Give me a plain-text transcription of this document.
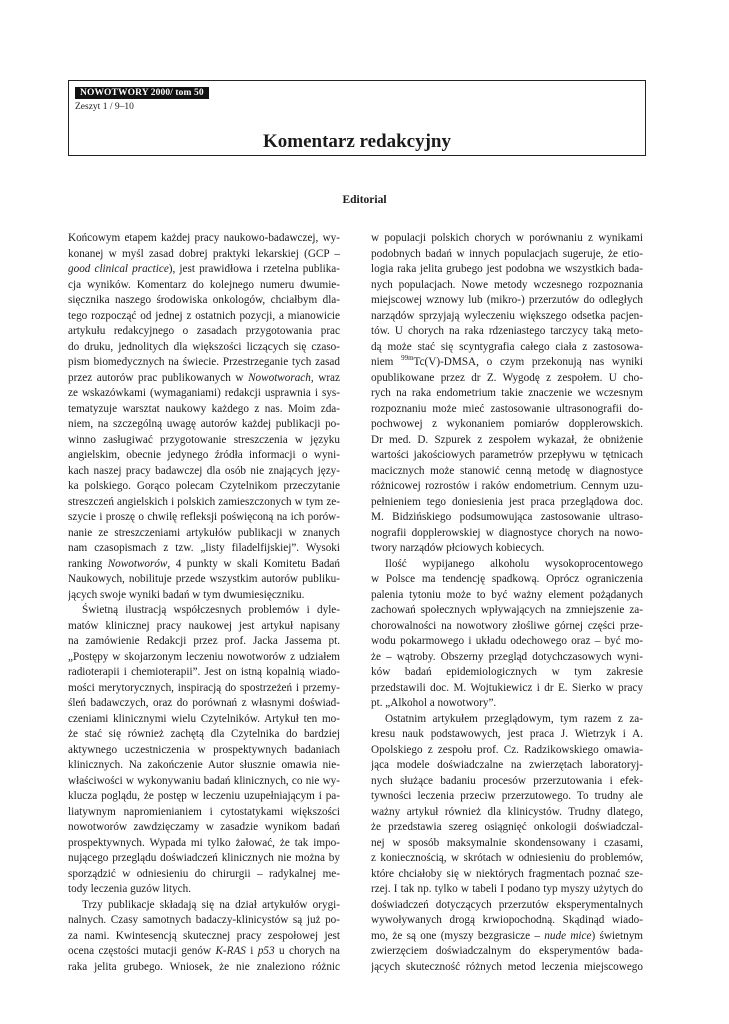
NOWOTWORY 2000/ tom 50
Zeszyt 1 / 9–10
Komentarz redakcyjny
Editorial
Końcowym etapem każdej pracy naukowo-badawczej, wy-
konanej w myśl zasad dobrej praktyki lekarskiej (GCP –
good clinical practice), jest prawidłowa i rzetelna publika-
cja wyników. Komentarz do kolejnego numeru dwumie-
sięcznika naszego środowiska onkologów, chciałbym dla-
tego rozpocząć od jednej z ostatnich pozycji, a mianowicie
artykułu redakcyjnego o zasadach przygotowania prac
do druku, jednolitych dla większości liczących się czaso-
pism biomedycznych na świecie. Przestrzeganie tych zasad
przez autorów prac publikowanych w Nowotworach, wraz
ze wskazówkami (wymaganiami) redakcji usprawnia i sys-
tematyzuje warsztat naukowy każdego z nas. Moim zda-
niem, na szczególną uwagę autorów każdej publikacji po-
winno zasługiwać przygotowanie streszczenia w języku
angielskim, obecnie jedynego źródła informacji o wyni-
kach naszej pracy badawczej dla osób nie znających języ-
ka polskiego. Gorąco polecam Czytelnikom przeczytanie
streszczeń angielskich i polskich zamieszczonych w tym ze-
szycie i proszę o chwilę refleksji poświęconą na ich porów-
nanie ze streszczeniami artykułów publikacji w znanych
nam czasopismach z tzw. „listy filadelfijskiej”. Wysoki
ranking Nowotworów, 4 punkty w skali Komitetu Badań
Naukowych, nobilituje przede wszystkim autorów publiku-
jących swoje wyniki badań w tym dwumiesięczniku.
Świetną ilustracją współczesnych problemów i dyle-
matów klinicznej pracy naukowej jest artykuł napisany
na zamówienie Redakcji przez prof. Jacka Jassema pt.
„Postępy w skojarzonym leczeniu nowotworów z udziałem
radioterapii i chemioterapii”. Jest on istną kopalnią wiado-
mości merytorycznych, inspiracją do spostrzeżeń i przemy-
śleń badawczych, oraz do porównań z własnymi doświad-
czeniami klinicznymi wielu Czytelników. Artykuł ten mo-
że stać się również zachętą dla Czytelnika do bardziej
aktywnego uczestniczenia w prospektywnych badaniach
klinicznych. Na zakończenie Autor słusznie omawia nie-
właściwości w wykonywaniu badań klinicznych, co nie wy-
klucza poglądu, że postęp w leczeniu uzupełniającym i pa-
liatywnym napromienianiem i cytostatykami większości
nowotworów zawdzięczamy w zasadzie wynikom badań
prospektywnych. Wypada mi tylko żałować, że tak impo-
nującego przeglądu doświadczeń klinicznych nie można by
sporządzić w odniesieniu do chirurgii – radykalnej me-
tody leczenia guzów litych.
Trzy publikacje składają się na dział artykułów orygi-
nalnych. Czasy samotnych badaczy-klinicystów są już po-
za nami. Kwintesencją skutecznej pracy zespołowej jest
ocena częstości mutacji genów K-RAS i p53 u chorych na
raka jelita grubego. Wniosek, że nie znaleziono różnic
w populacji polskich chorych w porównaniu z wynikami
podobnych badań w innych populacjach sugeruje, że etio-
logia raka jelita grubego jest podobna we wszystkich bada-
nych populacjach. Nowe metody wczesnego rozpoznania
miejscowej wznowy lub (mikro-) przerzutów do odległych
narządów sprzyjają wyleczeniu większego odsetka pacjen-
tów. U chorych na raka rdzeniastego tarczycy taką meto-
dą może stać się scyntygrafia całego ciała z zastosowa-
niem $^{99m}$Tc(V)-DMSA, o czym przekonują nas wyniki
opublikowane przez dr Z. Wygodę z zespołem. U cho-
rych na raka endometrium takie znaczenie we wczesnym
rozpoznaniu może mieć zastosowanie ultrasonografii do-
pochwowej z wykonaniem pomiarów dopplerowskich.
Dr med. D. Szpurek z zespołem wykazał, że obniżenie
wartości jakościowych parametrów przepływu w tętnicach
macicznych może stanowić cenną metodę w diagnostyce
różnicowej rozrostów i raków endometrium. Cennym uzu-
pełnieniem tego doniesienia jest praca przeglądowa doc.
M. Bidzińskiego podsumowująca zastosowanie ultraso-
nografii dopplerowskiej w diagnostyce chorych na nowo-
twory narządów płciowych kobiecych.
Ilość wypijanego alkoholu wysokoprocentowego
w Polsce ma tendencję spadkową. Oprócz ograniczenia
palenia tytoniu może to być ważny element pożądanych
zachowań społecznych wpływających na zmniejszenie za-
chorowalności na nowotwory złośliwe górnej części prze-
wodu pokarmowego i układu odechowego oraz – być mo-
że – wątroby. Obszerny przegląd dotychczasowych wyni-
ków badań epidemiologicznych w tym zakresie
przedstawili doc. M. Wojtukiewicz i dr E. Sierko w pracy
pt. „Alkohol a nowotwory”.
Ostatnim artykułem przeglądowym, tym razem z za-
kresu nauk podstawowych, jest praca J. Wietrzyk i A.
Opolskiego z zespołu prof. Cz. Radzikowskiego omawia-
jąca modele doświadczalne na zwierzętach laboratoryj-
nych służące badaniu procesów przerzutowania i efek-
tywności leczenia przeciw przerzutowego. To trudny ale
ważny artykuł również dla klinicystów. Trudny dlatego,
że przedstawia szereg osiągnięć onkologii doświadczal-
nej w sposób maksymalnie skondensowany i czasami,
z koniecznością, w skrótach w odniesieniu do problemów,
które chciałoby się w niektórych fragmentach poznać sze-
rzej. I tak np. tylko w tabeli I podano typ myszy użytych do
doświadczeń dotyczących przerzutów eksperymentalnych
wywoływanych drogą krwiopochodną. Skądinąd wiado-
mo, że są one (myszy bezgrasicze – nude mice) świetnym
zwierzęciem doświadczalnym do eksperymentów bada-
jących skuteczność różnych metod leczenia miejscowego
